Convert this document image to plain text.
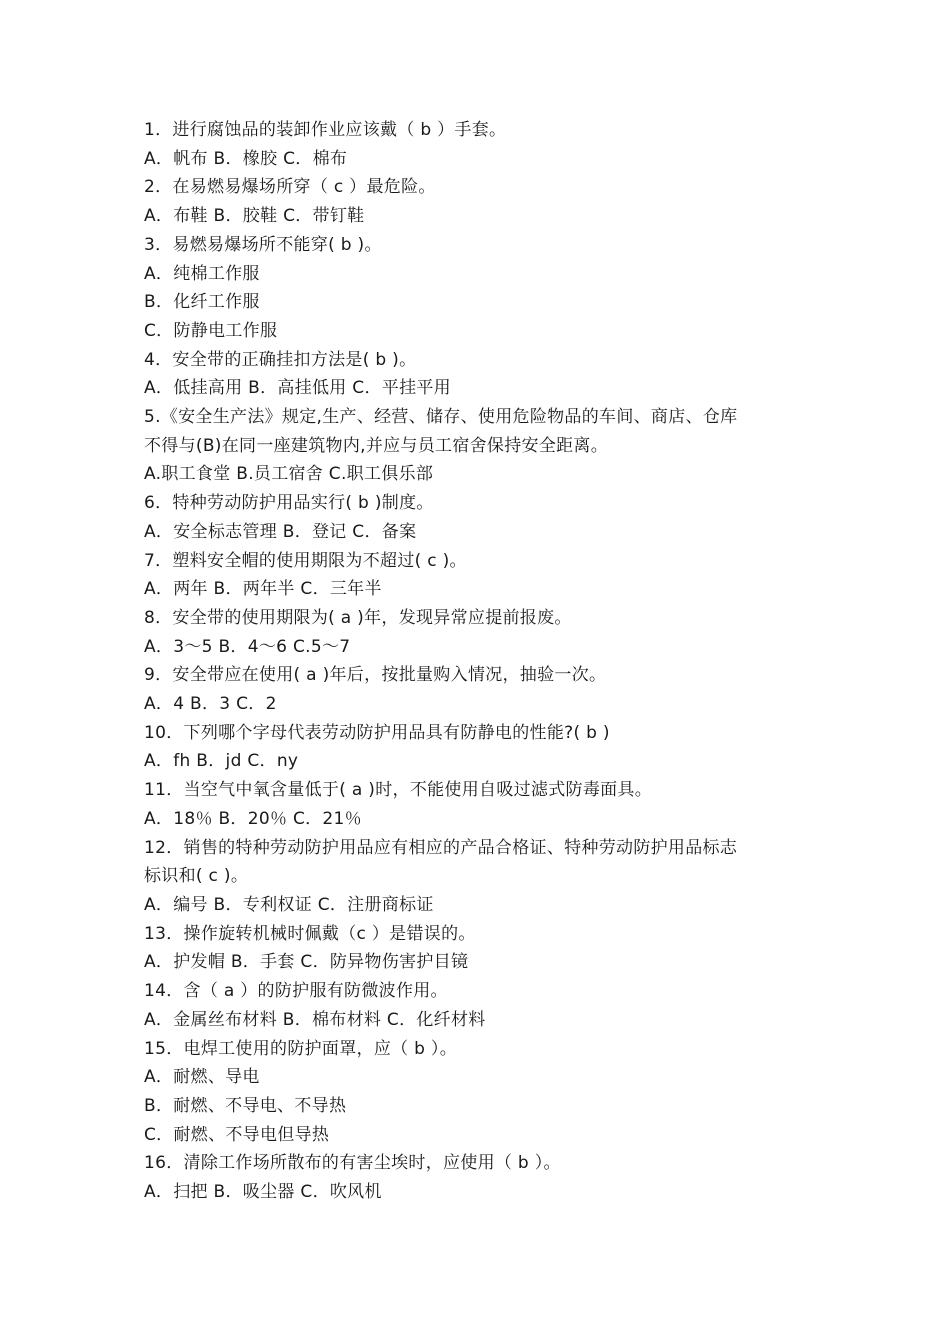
1．进行腐蚀品的装卸作业应该戴（ b ）手套。
A．帆布 B．橡胶 C．棉布
2．在易燃易爆场所穿（ c ）最危险。
A．布鞋 B．胶鞋 C．带钉鞋
3．易燃易爆场所不能穿( b )。
A．纯棉工作服
B．化纤工作服
C．防静电工作服
4．安全带的正确挂扣方法是( b )。
A．低挂高用 B．高挂低用 C．平挂平用
5.《安全生产法》规定,生产、经营、储存、使用危险物品的车间、商店、仓库
不得与(B)在同一座建筑物内,并应与员工宿舍保持安全距离。
A.职工食堂 B.员工宿舍 C.职工俱乐部
6．特种劳动防护用品实行( b )制度。
A．安全标志管理 B．登记 C．备案
7．塑料安全帽的使用期限为不超过( c )。
A．两年 B．两年半 C．三年半
8．安全带的使用期限为( a )年，发现异常应提前报废。
A．3～5 B．4～6 C.5～7
9．安全带应在使用( a )年后，按批量购入情况，抽验一次。
A．4 B．3 C．2
10．下列哪个字母代表劳动防护用品具有防静电的性能?( b )
A．fh B．jd C．ny
11．当空气中氧含量低于( a )时，不能使用自吸过滤式防毒面具。
A．18％ B．20％ C．21％
12．销售的特种劳动防护用品应有相应的产品合格证、特种劳动防护用品标志
标识和( c )。
A．编号 B．专利权证 C．注册商标证
13．操作旋转机械时佩戴（c ）是错误的。
A．护发帽 B．手套 C．防异物伤害护目镜
14．含（ a ）的防护服有防微波作用。
A．金属丝布材料 B．棉布材料 C．化纤材料
15．电焊工使用的防护面罩，应（ b ）。
A．耐燃、导电
B．耐燃、不导电、不导热
C．耐燃、不导电但导热
16．清除工作场所散布的有害尘埃时，应使用（ b ）。
A．扫把 B．吸尘器 C．吹风机
